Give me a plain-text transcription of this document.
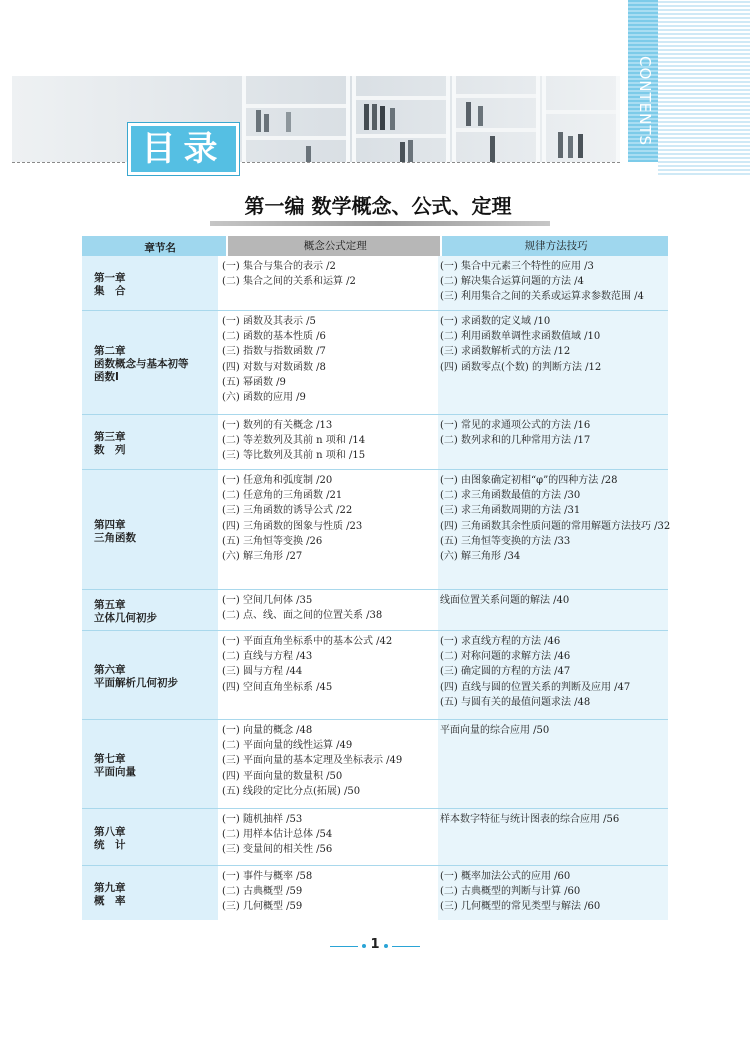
目录
CONTENTS
第一编 数学概念、公式、定理
章节名	概念公式定理	规律方法技巧
第一章
集　合
(一) 集合与集合的表示 /2
(二) 集合之间的关系和运算 /2
(一) 集合中元素三个特性的应用 /3
(二) 解决集合运算问题的方法 /4
(三) 利用集合之间的关系或运算求参数范围 /4
第二章
函数概念与基本初等
函数Ⅰ
(一) 函数及其表示 /5
(二) 函数的基本性质 /6
(三) 指数与指数函数 /7
(四) 对数与对数函数 /8
(五) 幂函数 /9
(六) 函数的应用 /9
(一) 求函数的定义域 /10
(二) 利用函数单调性求函数值域 /10
(三) 求函数解析式的方法 /12
(四) 函数零点(个数) 的判断方法 /12
第三章
数　列
(一) 数列的有关概念 /13
(二) 等差数列及其前 n 项和 /14
(三) 等比数列及其前 n 项和 /15
(一) 常见的求通项公式的方法 /16
(二) 数列求和的几种常用方法 /17
第四章
三角函数
(一) 任意角和弧度制 /20
(二) 任意角的三角函数 /21
(三) 三角函数的诱导公式 /22
(四) 三角函数的图象与性质 /23
(五) 三角恒等变换 /26
(六) 解三角形 /27
(一) 由图象确定初相“φ”的四种方法 /28
(二) 求三角函数最值的方法 /30
(三) 求三角函数周期的方法 /31
(四) 三角函数其余性质问题的常用解题方法技巧 /32
(五) 三角恒等变换的方法 /33
(六) 解三角形 /34
第五章
立体几何初步
(一) 空间几何体 /35
(二) 点、线、面之间的位置关系 /38
线面位置关系问题的解法 /40
第六章
平面解析几何初步
(一) 平面直角坐标系中的基本公式 /42
(二) 直线与方程 /43
(三) 圆与方程 /44
(四) 空间直角坐标系 /45
(一) 求直线方程的方法 /46
(二) 对称问题的求解方法 /46
(三) 确定圆的方程的方法 /47
(四) 直线与圆的位置关系的判断及应用 /47
(五) 与圆有关的最值问题求法 /48
第七章
平面向量
(一) 向量的概念 /48
(二) 平面向量的线性运算 /49
(三) 平面向量的基本定理及坐标表示 /49
(四) 平面向量的数量积 /50
(五) 线段的定比分点(拓展) /50
平面向量的综合应用 /50
第八章
统　计
(一) 随机抽样 /53
(二) 用样本估计总体 /54
(三) 变量间的相关性 /56
样本数字特征与统计图表的综合应用 /56
第九章
概　率
(一) 事件与概率 /58
(二) 古典概型 /59
(三) 几何概型 /59
(一) 概率加法公式的应用 /60
(二) 古典概型的判断与计算 /60
(三) 几何概型的常见类型与解法 /60
1
